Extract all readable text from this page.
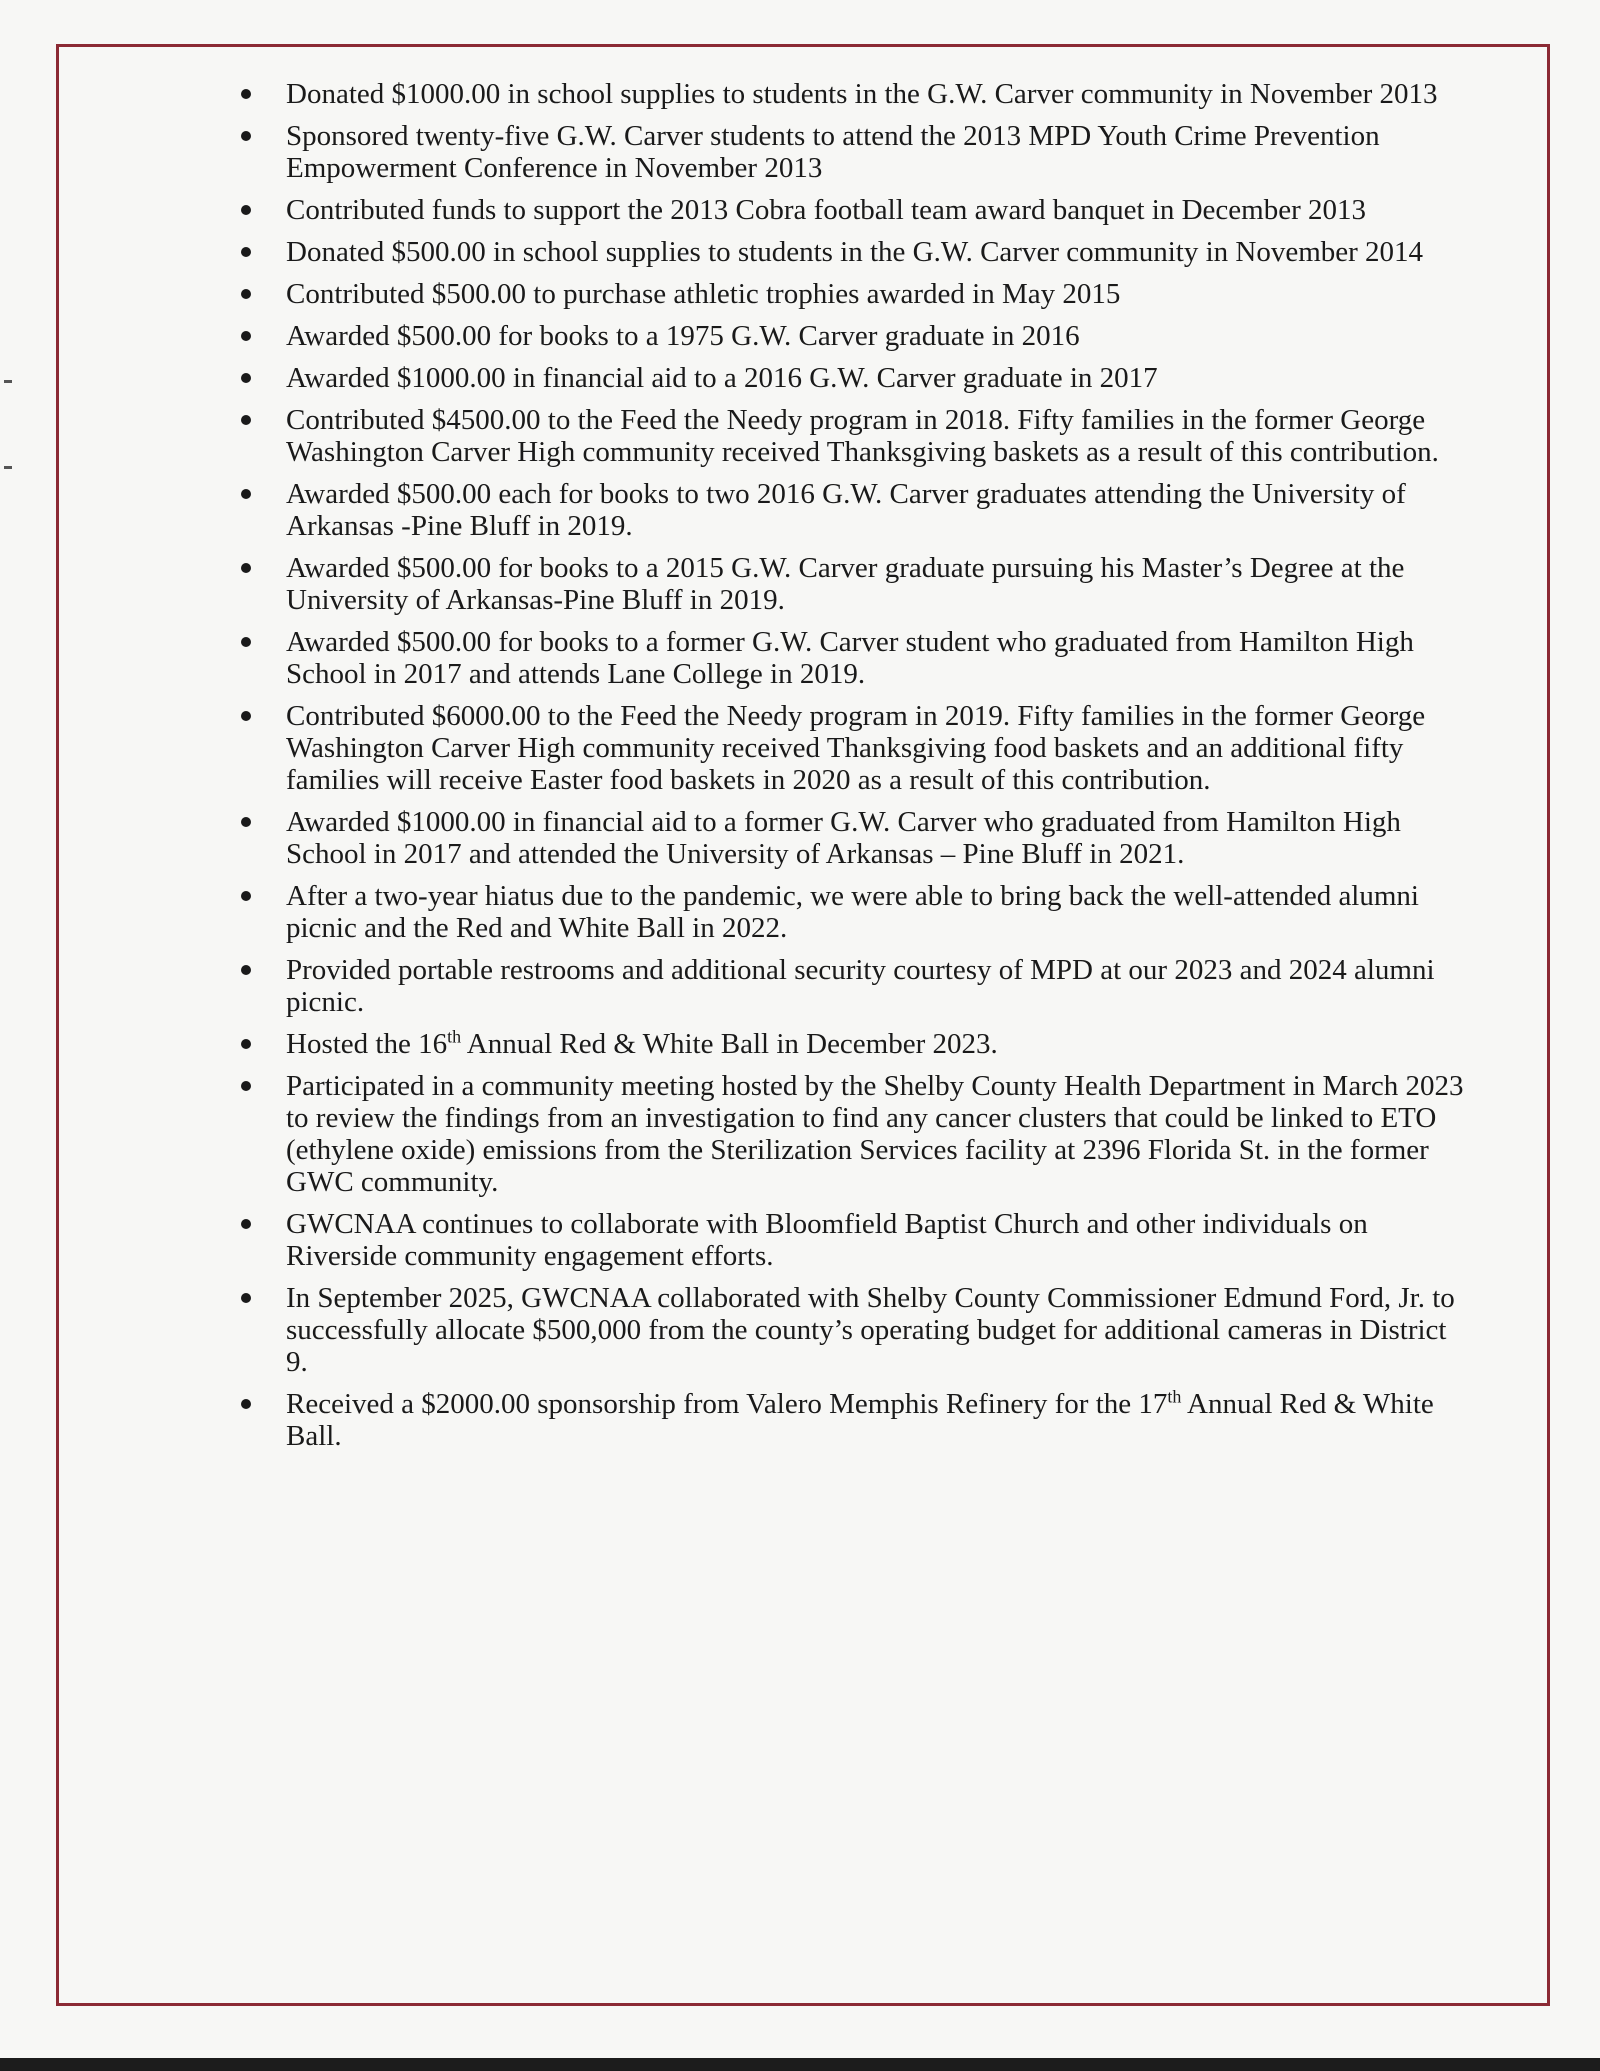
Donated $1000.00 in school supplies to students in the G.W. Carver community in November 2013
Sponsored twenty-five G.W. Carver students to attend the 2013 MPD Youth Crime Prevention Empowerment Conference in November 2013
Contributed funds to support the 2013 Cobra football team award banquet in December 2013
Donated $500.00 in school supplies to students in the G.W. Carver community in November 2014
Contributed $500.00 to purchase athletic trophies awarded in May 2015
Awarded $500.00 for books to a 1975 G.W. Carver graduate in 2016
Awarded $1000.00 in financial aid to a 2016 G.W. Carver graduate in 2017
Contributed $4500.00 to the Feed the Needy program in 2018. Fifty families in the former George Washington Carver High community received Thanksgiving baskets as a result of this contribution.
Awarded $500.00 each for books to two 2016 G.W. Carver graduates attending the University of Arkansas -Pine Bluff in 2019.
Awarded $500.00 for books to a 2015 G.W. Carver graduate pursuing his Master’s Degree at the University of Arkansas-Pine Bluff in 2019.
Awarded $500.00 for books to a former G.W. Carver student who graduated from Hamilton High School in 2017 and attends Lane College in 2019.
Contributed $6000.00 to the Feed the Needy program in 2019. Fifty families in the former George Washington Carver High community received Thanksgiving food baskets and an additional fifty families will receive Easter food baskets in 2020 as a result of this contribution.
Awarded $1000.00 in financial aid to a former G.W. Carver who graduated from Hamilton High School in 2017 and attended the University of Arkansas – Pine Bluff in 2021.
After a two-year hiatus due to the pandemic, we were able to bring back the well-attended alumni picnic and the Red and White Ball in 2022.
Provided portable restrooms and additional security courtesy of MPD at our 2023 and 2024 alumni picnic.
Hosted the 16th Annual Red & White Ball in December 2023.
Participated in a community meeting hosted by the Shelby County Health Department in March 2023 to review the findings from an investigation to find any cancer clusters that could be linked to ETO (ethylene oxide) emissions from the Sterilization Services facility at 2396 Florida St. in the former GWC community.
GWCNAA continues to collaborate with Bloomfield Baptist Church and other individuals on Riverside community engagement efforts.
In September 2025, GWCNAA collaborated with Shelby County Commissioner Edmund Ford, Jr. to successfully allocate $500,000 from the county’s operating budget for additional cameras in District 9.
Received a $2000.00 sponsorship from Valero Memphis Refinery for the 17th Annual Red & White Ball.
